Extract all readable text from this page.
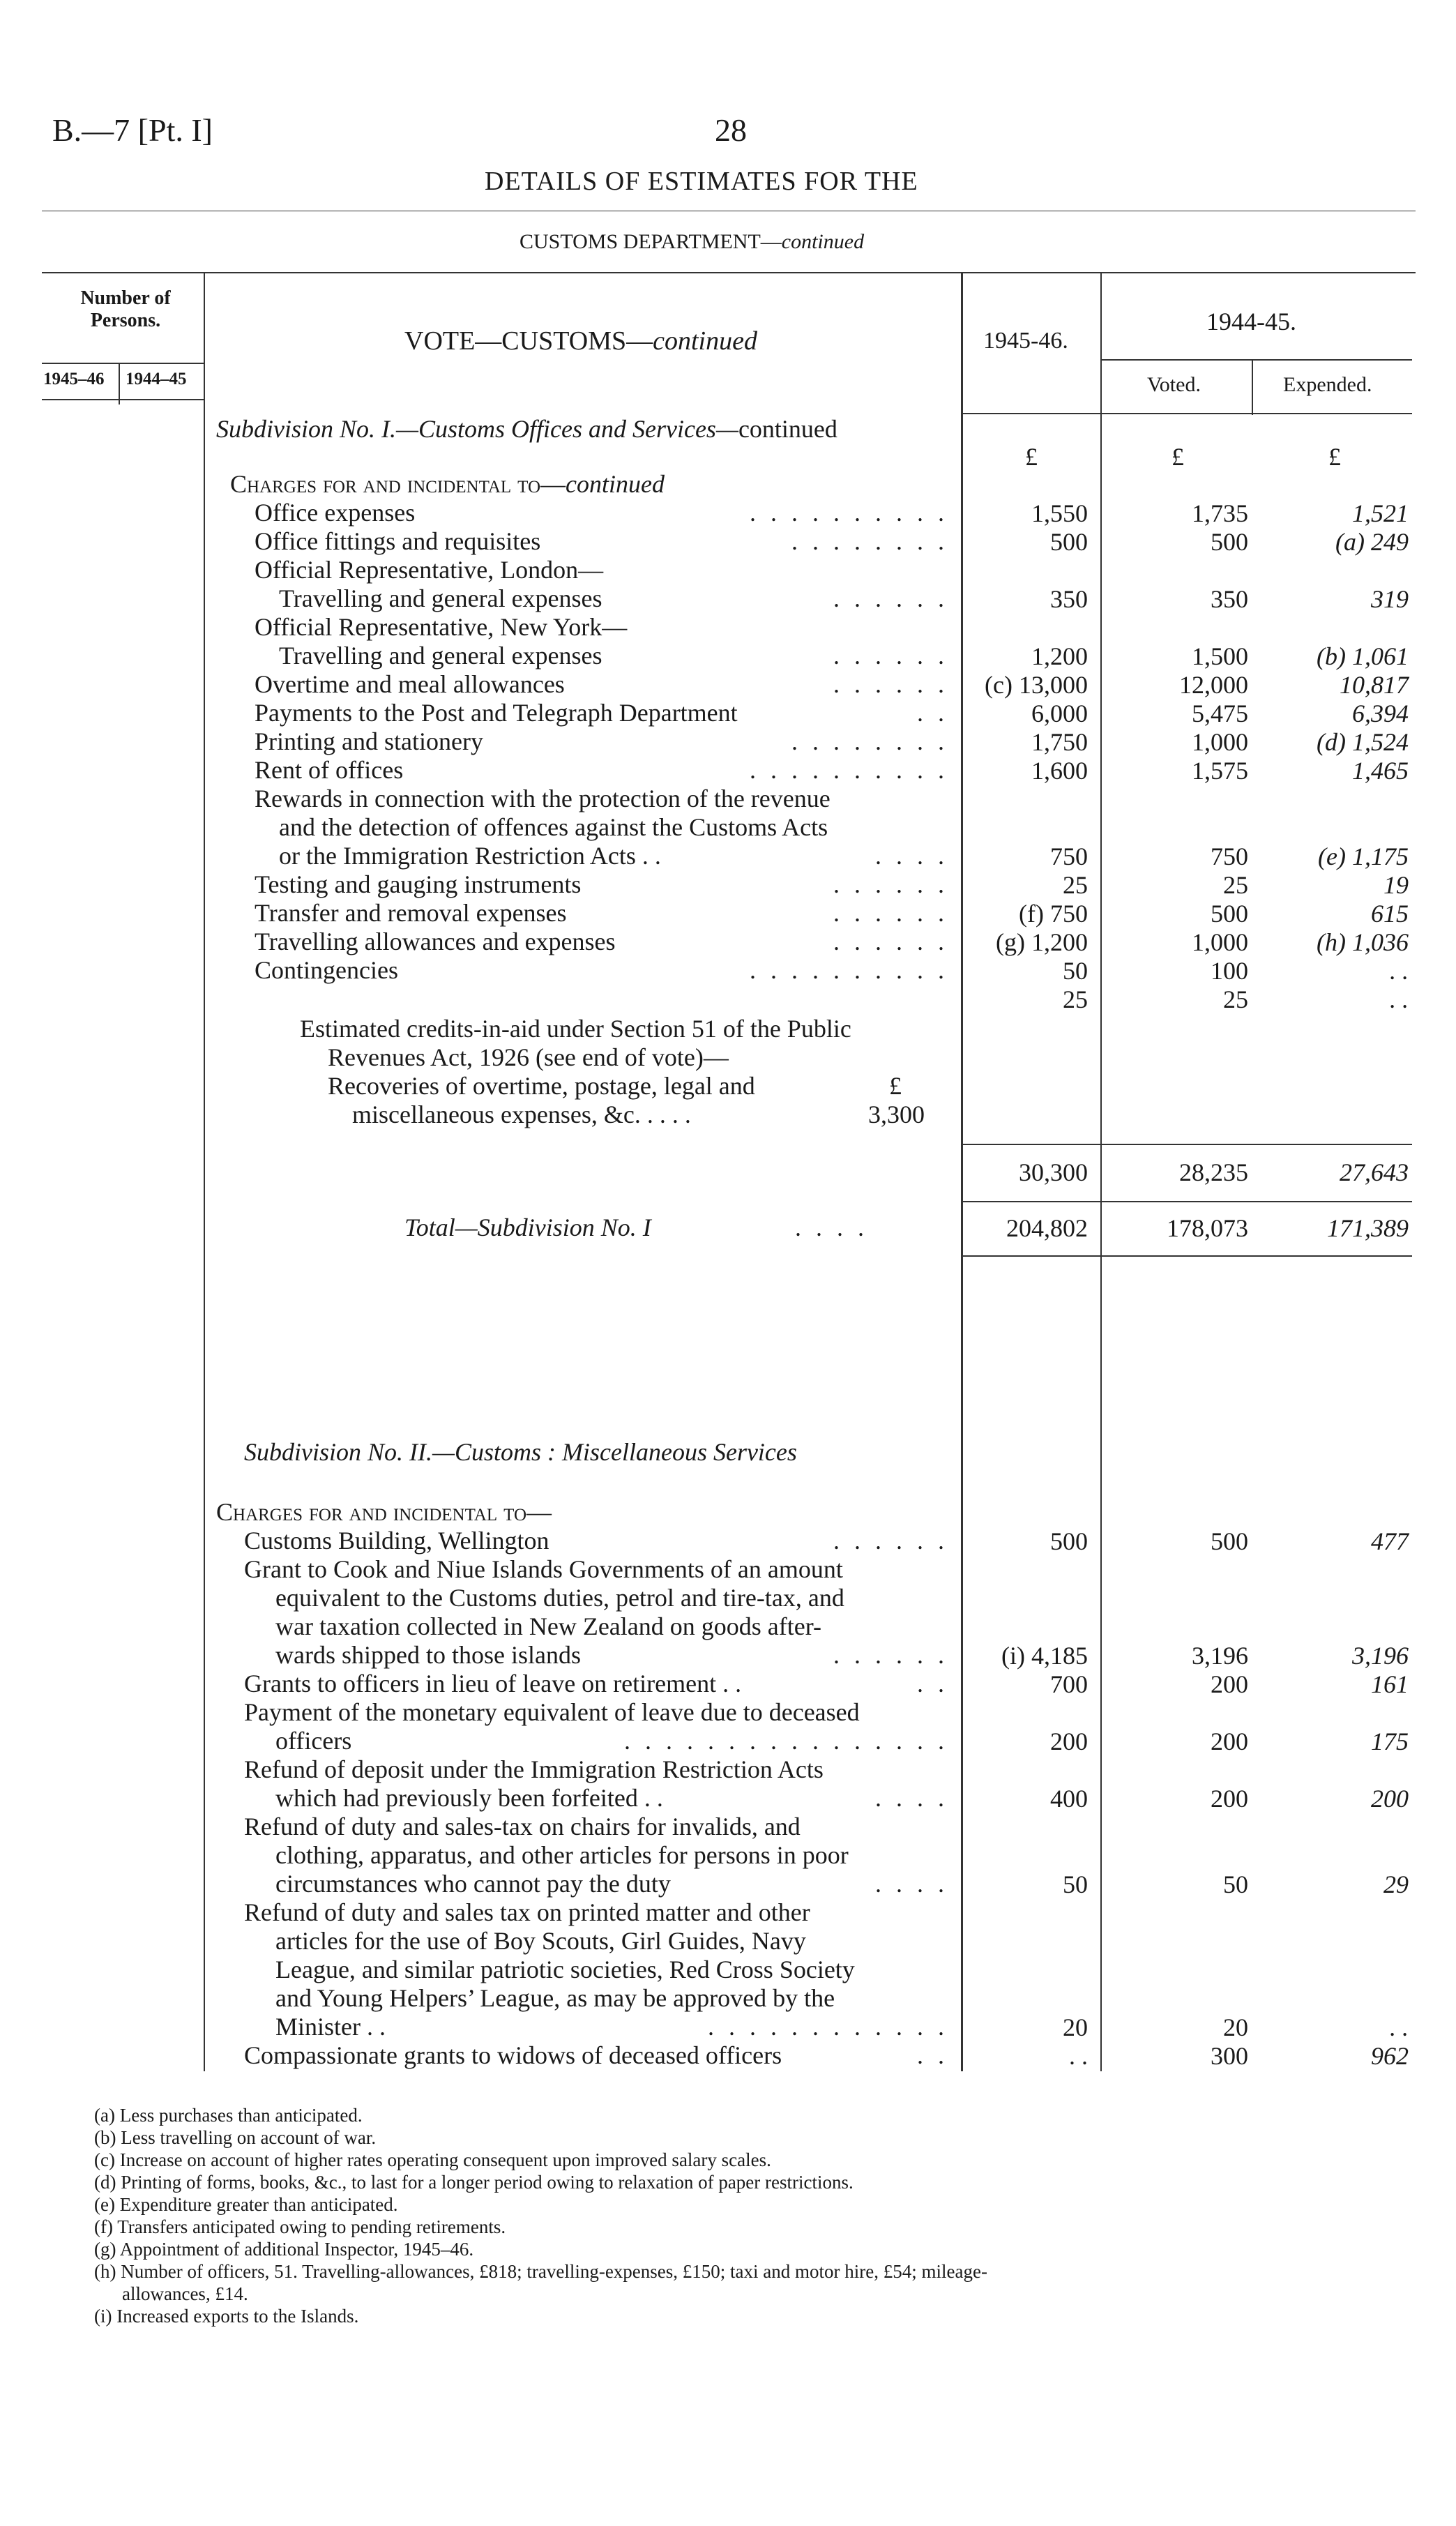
B.—7 [Pt. I]	28
DETAILS OF ESTIMATES FOR THE
CUSTOMS DEPARTMENT—continued
Number of Persons.
1945–46 1944–45
VOTE—CUSTOMS—continued	1945-46.
1944-45.
Voted.	Expended.
Subdivision No. I.—Customs Offices and Services—continued
£	£	£
Charges for and incidental to—continued
Office expenses	. . . . . . . . . .	1,550	1,735	1,521
Office fittings and requisites	. . . . . . . .	500	500	(a) 249
Official Representative, London—
Travelling and general expenses	. . . . . .	350	350	319
Official Representative, New York—
Travelling and general expenses	. . . . . .	1,200	1,500	(b) 1,061
Overtime and meal allowances	. . . . . .	(c) 13,000	12,000	10,817
Payments to the Post and Telegraph Department	. .	6,000	5,475	6,394
Printing and stationery	. . . . . . . .	1,750	1,000	(d) 1,524
Rent of offices	. . . . . . . . . .	1,600	1,575	1,465
Rewards in connection with the protection of the revenue
and the detection of offences against the Customs Acts
or the Immigration Restriction Acts . .	. . . .	750	750	(e) 1,175
Testing and gauging instruments	. . . . . .	25	25	19
Transfer and removal expenses	. . . . . .	(f) 750	500	615
Travelling allowances and expenses	. . . . . .	(g) 1,200	1,000	(h) 1,036
Contingencies	. . . . . . . . . .	50	100	. .
25	25	. .
Estimated credits-in-aid under Section 51 of the Public
Revenues Act, 1926 (see end of vote)—
Recoveries of overtime, postage, legal and
miscellaneous expenses, &c. . . . .
£
3,300
30,300	28,235	27,643
Total—Subdivision No. I	. . . .	204,802	178,073	171,389
Subdivision No. II.—Customs : Miscellaneous Services
Charges for and incidental to—
Customs Building, Wellington	. . . . . .	500	500	477
Grant to Cook and Niue Islands Governments of an amount
equivalent to the Customs duties, petrol and tire-tax, and
war taxation collected in New Zealand on goods after-
wards shipped to those islands	. . . . . .	(i) 4,185	3,196	3,196
Grants to officers in lieu of leave on retirement . .	. .	700	200	161
Payment of the monetary equivalent of leave due to deceased
officers	. . . . . . . . . . . . . . . .	200	200	175
Refund of deposit under the Immigration Restriction Acts
which had previously been forfeited . .	. . . .	400	200	200
Refund of duty and sales-tax on chairs for invalids, and
clothing, apparatus, and other articles for persons in poor
circumstances who cannot pay the duty	. . . .	50	50	29
Refund of duty and sales tax on printed matter and other
articles for the use of Boy Scouts, Girl Guides, Navy
League, and similar patriotic societies, Red Cross Society
and Young Helpers’ League, as may be approved by the
Minister . .	. . . . . . . . . . . .	20	20	. .
Compassionate grants to widows of deceased officers	. .	. .	300	962
(a) Less purchases than anticipated.
(b) Less travelling on account of war.
(c) Increase on account of higher rates operating consequent upon improved salary scales.
(d) Printing of forms, books, &c., to last for a longer period owing to relaxation of paper restrictions.
(e) Expenditure greater than anticipated.
(f) Transfers anticipated owing to pending retirements.
(g) Appointment of additional Inspector, 1945–46.
(h) Number of officers, 51. Travelling-allowances, £818; travelling-expenses, £150; taxi and motor hire, £54; mileage-
allowances, £14.
(i) Increased exports to the Islands.
